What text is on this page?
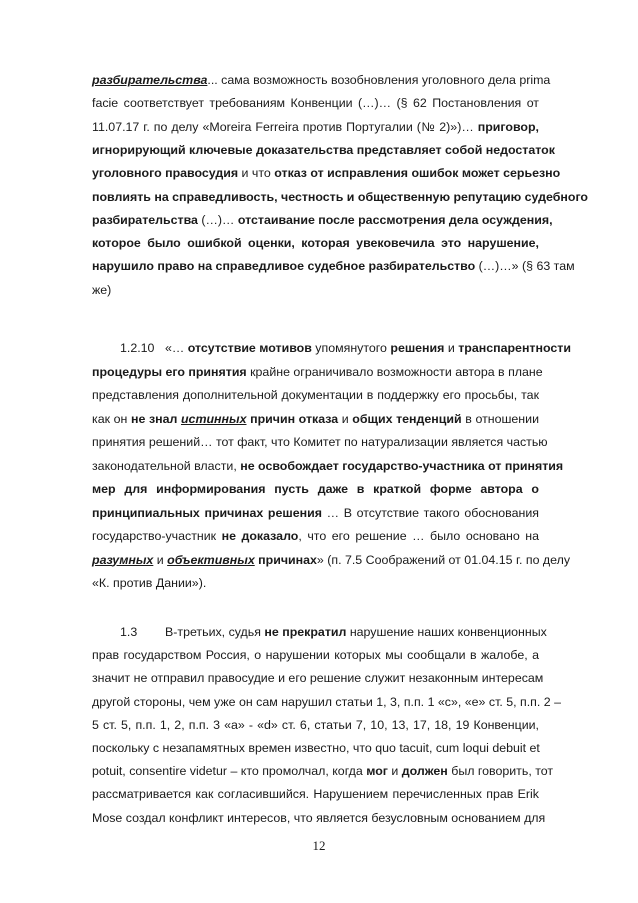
разбирательства... сама возможность возобновления уголовного дела prima
facie соответствует требованиям Конвенции (…)… (§ 62 Постановления от
11.07.17 г. по делу «Moreira Ferreira против Португалии (№ 2)»)… приговор,
игнорирующий ключевые доказательства представляет собой недостаток
уголовного правосудия и что отказ от исправления ошибок может серьезно
повлиять на справедливость, честность и общественную репутацию судебного
разбирательства (…)… отстаивание после рассмотрения дела осуждения,
которое было ошибкой оценки, которая увековечила это нарушение,
нарушило право на справедливое судебное разбирательство (…)…» (§ 63 там
же)
1.2.10 «… отсутствие мотивов упомянутого решения и транспарентности
процедуры его принятия крайне ограничивало возможности автора в плане
представления дополнительной документации в поддержку его просьбы, так
как он не знал истинных причин отказа и общих тенденций в отношении
принятия решений… тот факт, что Комитет по натурализации является частью
законодательной власти, не освобождает государство-участника от принятия
мер для информирования пусть даже в краткой форме автора о
принципиальных причинах решения … В отсутствие такого обоснования
государство-участник не доказало, что его решение … было основано на
разумных и объективных причинах» (п. 7.5 Соображений от 01.04.15 г. по делу
«К. против Дании»).
1.3 В-третьих, судья не прекратил нарушение наших конвенционных
прав государством Россия, о нарушении которых мы сообщали в жалобе, а
значит не отправил правосудие и его решение служит незаконным интересам
другой стороны, чем уже он сам нарушил статьи 1, 3, п.п. 1 «c», «e» ст. 5, п.п. 2 –
5 ст. 5, п.п. 1, 2, п.п. 3 «a» - «d» ст. 6, статьи 7, 10, 13, 17, 18, 19 Конвенции,
поскольку с незапамятных времен известно, что quo tacuit, cum loqui debuit et
potuit, consentire videtur – кто промолчал, когда мог и должен был говорить, тот
рассматривается как согласившийся. Нарушением перечисленных прав Erik
Mose создал конфликт интересов, что является безусловным основанием для
12
